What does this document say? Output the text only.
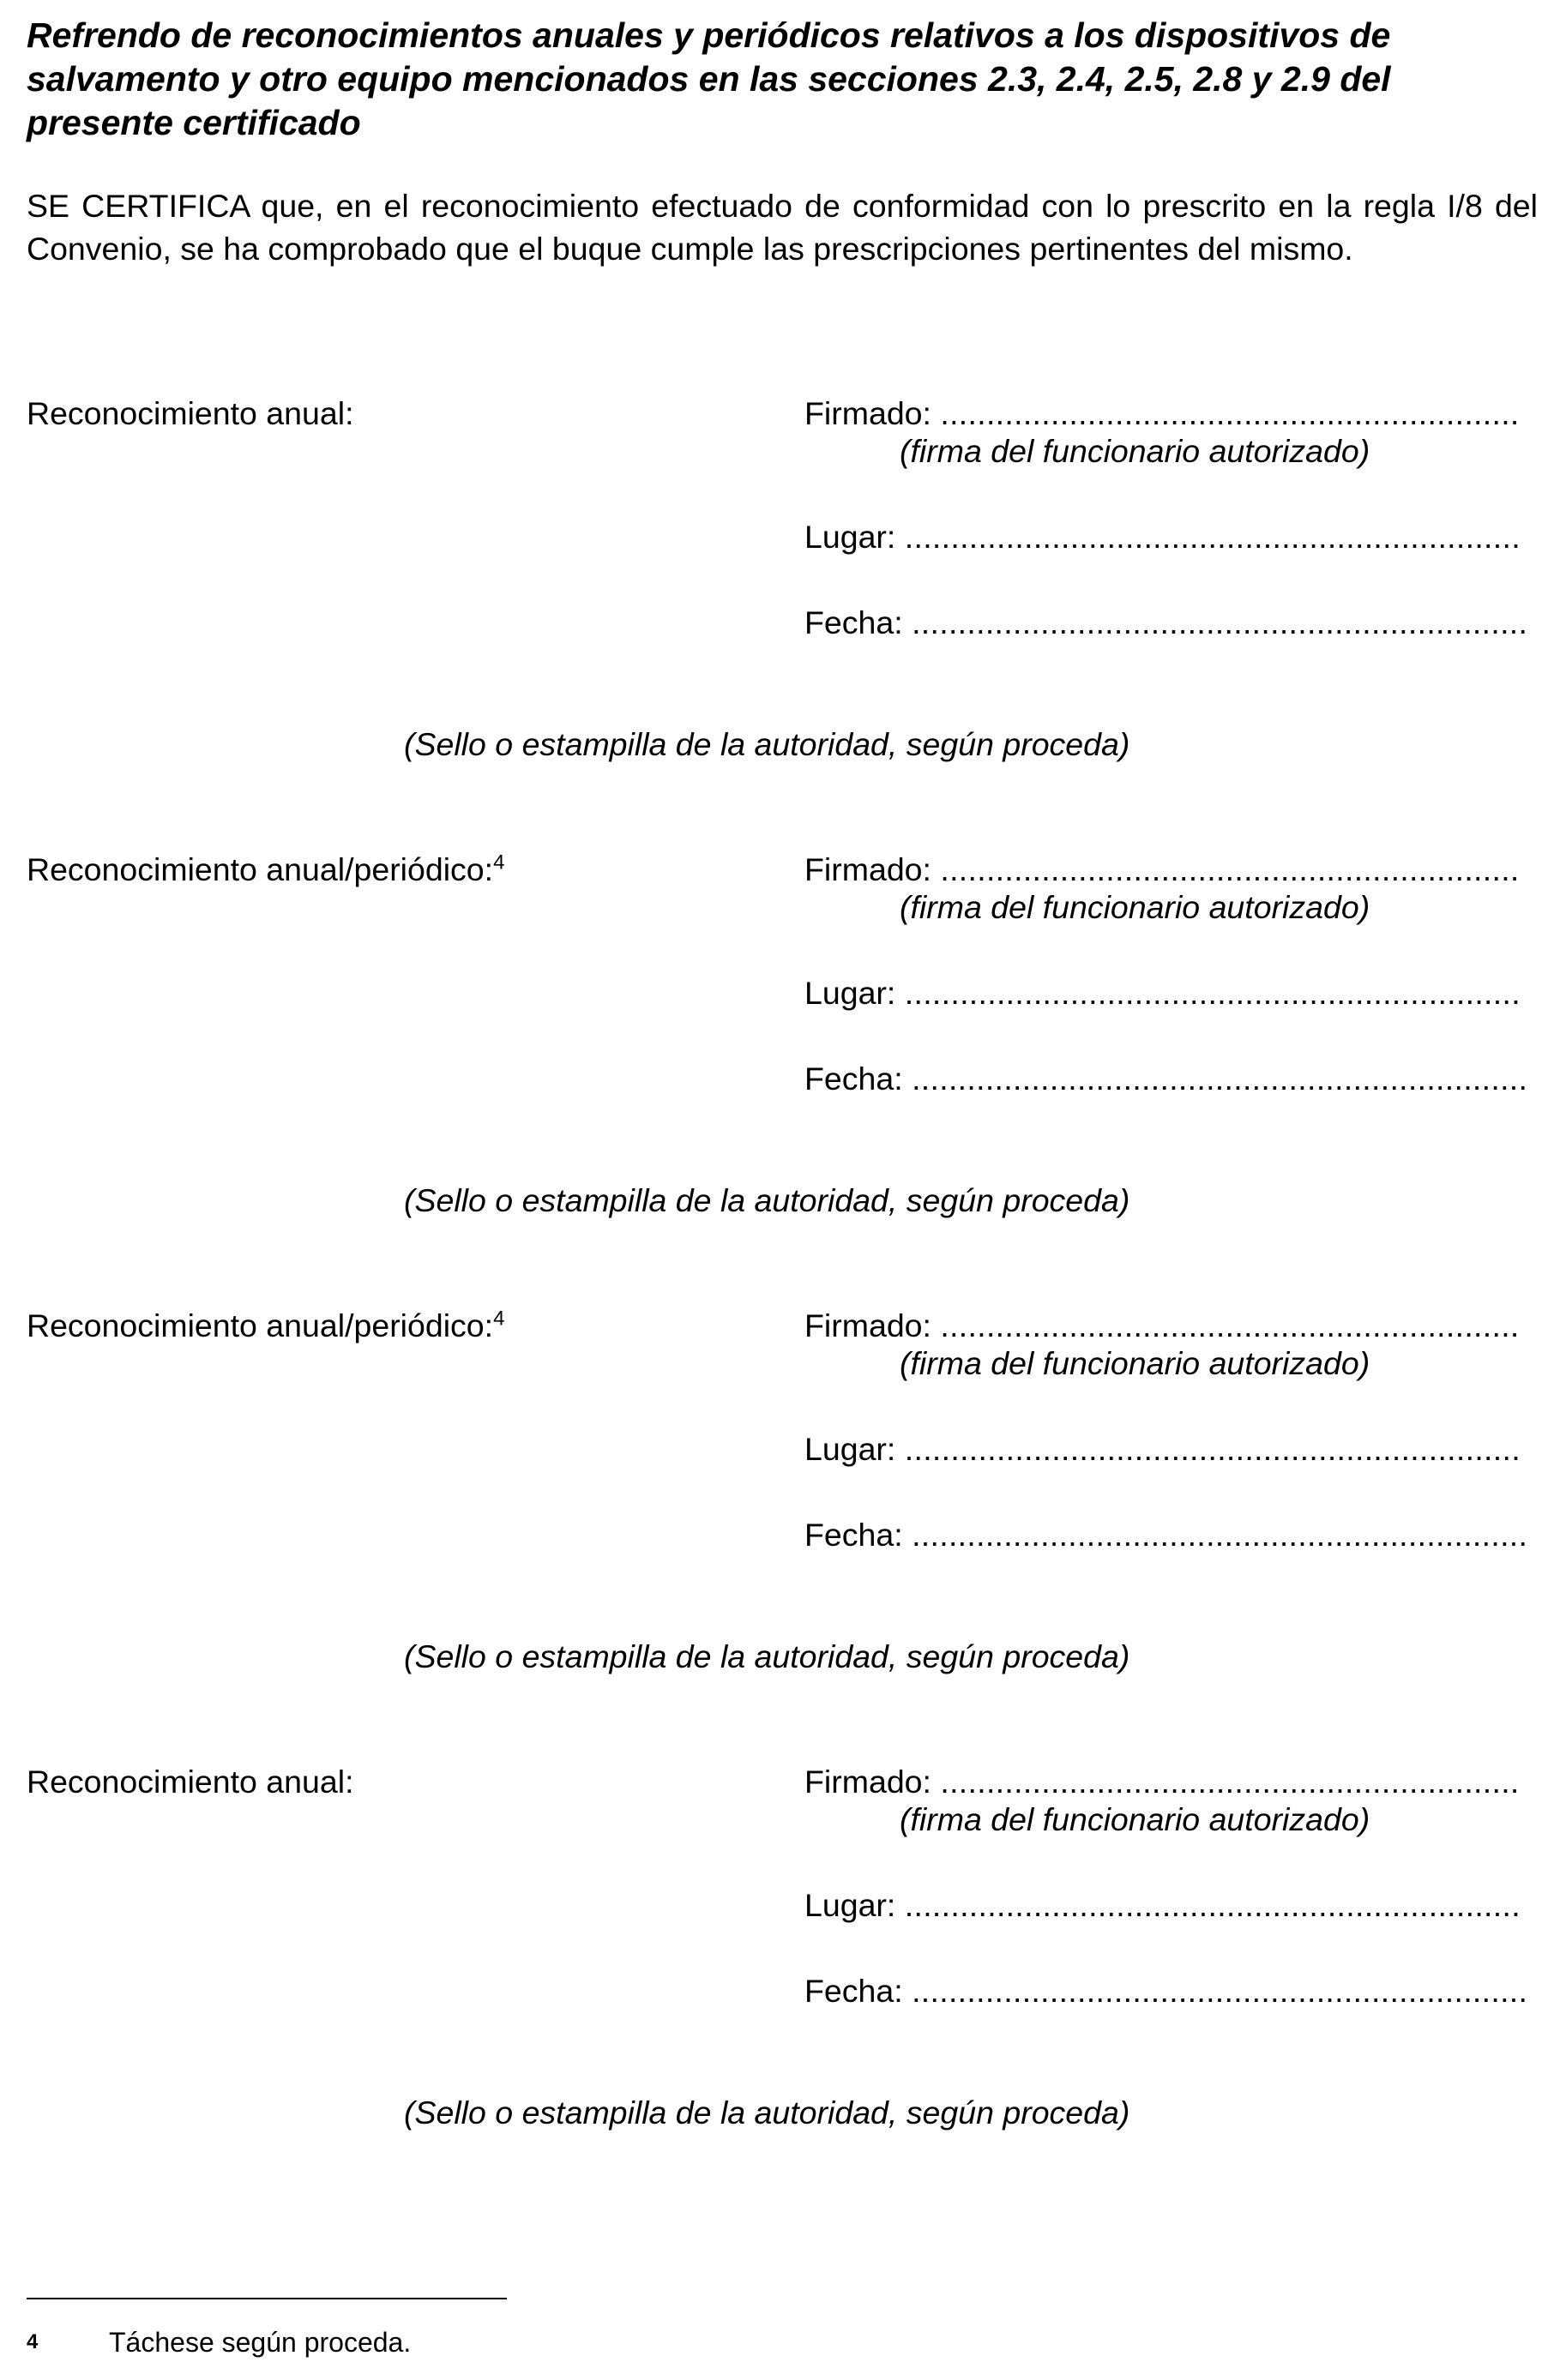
Refrendo de reconocimientos anuales y periódicos relativos a los dispositivos de salvamento y otro equipo mencionados en las secciones 2.3, 2.4, 2.5, 2.8 y 2.9 del presente certificado

SE CERTIFICA que, en el reconocimiento efectuado de conformidad con lo prescrito en la regla I/8 del Convenio, se ha comprobado que el buque cumple las prescripciones pertinentes del mismo.

Reconocimiento anual:	Firmado: ...............................................................
(firma del funcionario autorizado)
Lugar: ...................................................................
Fecha: ...................................................................
(Sello o estampilla de la autoridad, según proceda)
Reconocimiento anual/periódico:$^4$	Firmado: ...............................................................
(firma del funcionario autorizado)
Lugar: ...................................................................
Fecha: ...................................................................
(Sello o estampilla de la autoridad, según proceda)
Reconocimiento anual/periódico:$^4$	Firmado: ...............................................................
(firma del funcionario autorizado)
Lugar: ...................................................................
Fecha: ...................................................................
(Sello o estampilla de la autoridad, según proceda)
Reconocimiento anual:	Firmado: ...............................................................
(firma del funcionario autorizado)
Lugar: ...................................................................
Fecha: ...................................................................
(Sello o estampilla de la autoridad, según proceda)
4	Táchese según proceda.
